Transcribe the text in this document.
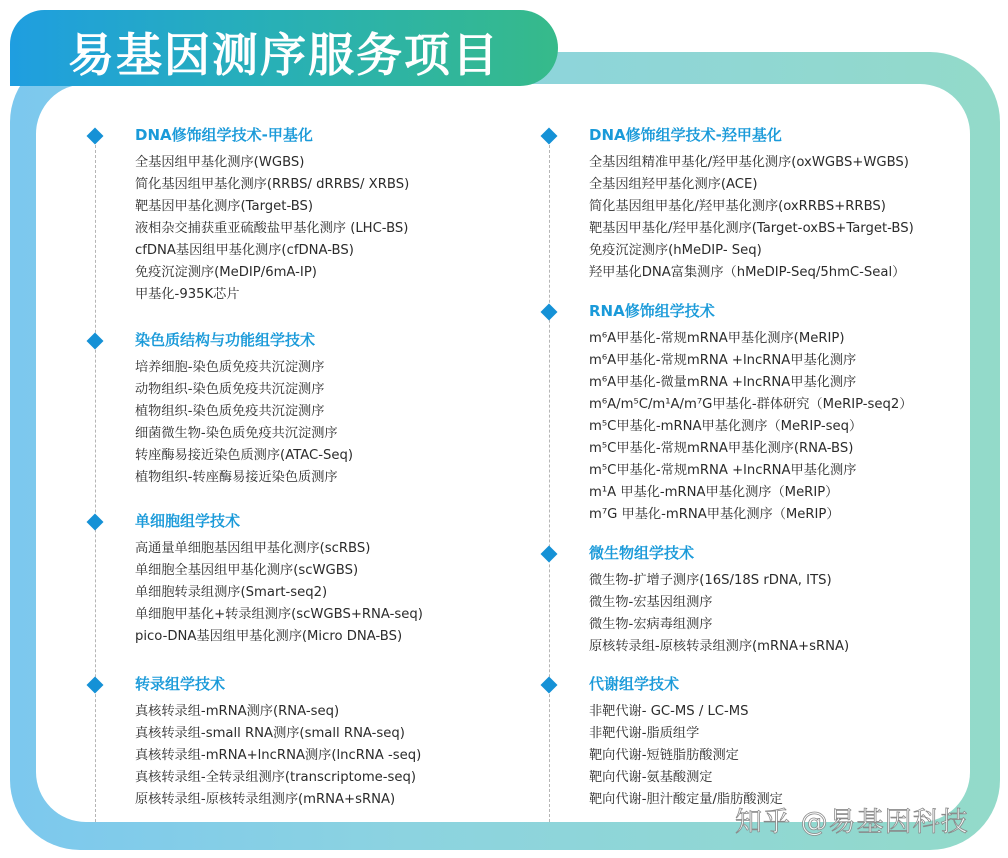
易基因测序服务项目
DNA修饰组学技术-甲基化
全基因组甲基化测序(WGBS)
简化基因组甲基化测序(RRBS/ dRRBS/ XRBS)
靶基因甲基化测序(Target-BS)
液相杂交捕获重亚硫酸盐甲基化测序 (LHC-BS)
cfDNA基因组甲基化测序(cfDNA-BS)
免疫沉淀测序(MeDIP/6mA-IP)
甲基化-935K芯片
染色质结构与功能组学技术
培养细胞-染色质免疫共沉淀测序
动物组织-染色质免疫共沉淀测序
植物组织-染色质免疫共沉淀测序
细菌微生物-染色质免疫共沉淀测序
转座酶易接近染色质测序(ATAC-Seq)
植物组织-转座酶易接近染色质测序
单细胞组学技术
高通量单细胞基因组甲基化测序(scRBS)
单细胞全基因组甲基化测序(scWGBS)
单细胞转录组测序(Smart-seq2)
单细胞甲基化+转录组测序(scWGBS+RNA-seq)
pico-DNA基因组甲基化测序(Micro DNA-BS)
转录组学技术
真核转录组-mRNA测序(RNA-seq)
真核转录组-small RNA测序(small RNA-seq)
真核转录组-mRNA+lncRNA测序(lncRNA -seq)
真核转录组-全转录组测序(transcriptome-seq)
原核转录组-原核转录组测序(mRNA+sRNA)
DNA修饰组学技术-羟甲基化
全基因组精准甲基化/羟甲基化测序(oxWGBS+WGBS)
全基因组羟甲基化测序(ACE)
简化基因组甲基化/羟甲基化测序(oxRRBS+RRBS)
靶基因甲基化/羟甲基化测序(Target-oxBS+Target-BS)
免疫沉淀测序(hMeDIP- Seq)
羟甲基化DNA富集测序（hMeDIP-Seq/5hmC-Seal）
RNA修饰组学技术
m⁶A甲基化-常规mRNA甲基化测序(MeRIP)
m⁶A甲基化-常规mRNA +lncRNA甲基化测序
m⁶A甲基化-微量mRNA +lncRNA甲基化测序
m⁶A/m⁵C/m¹A/m⁷G甲基化-群体研究（MeRIP-seq2）
m⁵C甲基化-mRNA甲基化测序（MeRIP-seq）
m⁵C甲基化-常规mRNA甲基化测序(RNA-BS)
m⁵C甲基化-常规mRNA +lncRNA甲基化测序
m¹A 甲基化-mRNA甲基化测序（MeRIP）
m⁷G 甲基化-mRNA甲基化测序（MeRIP）
微生物组学技术
微生物-扩增子测序(16S/18S rDNA, ITS)
微生物-宏基因组测序
微生物-宏病毒组测序
原核转录组-原核转录组测序(mRNA+sRNA)
代谢组学技术
非靶代谢- GC-MS / LC-MS
非靶代谢-脂质组学
靶向代谢-短链脂肪酸测定
靶向代谢-氨基酸测定
靶向代谢-胆汁酸定量/脂肪酸测定
知乎 @易基因科技
